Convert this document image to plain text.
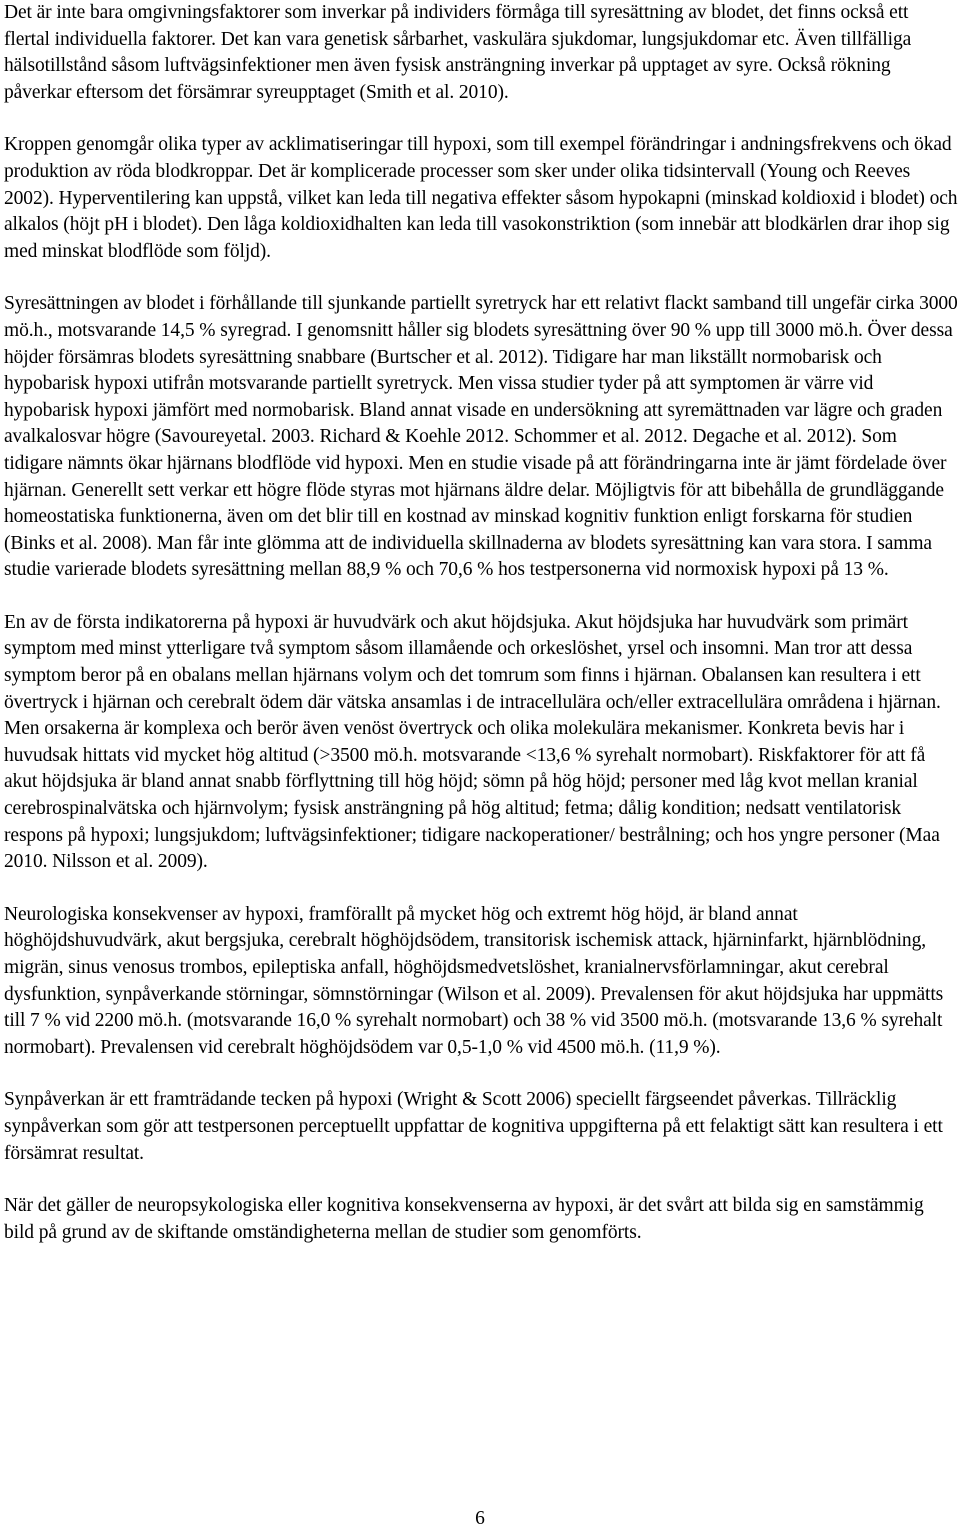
Det är inte bara omgivningsfaktorer som inverkar på individers förmåga till syresättning av blodet, det finns också ett flertal individuella faktorer. Det kan vara genetisk sårbarhet, vaskulära sjukdomar, lungsjukdomar etc. Även tillfälliga hälsotillstånd såsom luftvägsinfektioner men även fysisk ansträngning inverkar på upptaget av syre. Också rökning påverkar eftersom det försämrar syreupptaget (Smith et al. 2010).

Kroppen genomgår olika typer av acklimatiseringar till hypoxi, som till exempel förändringar i andningsfrekvens och ökad produktion av röda blodkroppar. Det är komplicerade processer som sker under olika tidsintervall (Young och Reeves 2002). Hyperventilering kan uppstå, vilket kan leda till negativa effekter såsom hypokapni (minskad koldioxid i blodet) och alkalos (höjt pH i blodet). Den låga koldioxidhalten kan leda till vasokonstriktion (som innebär att blodkärlen drar ihop sig med minskat blodflöde som följd).

Syresättningen av blodet i förhållande till sjunkande partiellt syretryck har ett relativt flackt samband till ungefär cirka 3000 mö.h., motsvarande 14,5 % syregrad. I genomsnitt håller sig blodets syresättning över 90 % upp till 3000 mö.h. Över dessa höjder försämras blodets syresättning snabbare (Burtscher et al. 2012). Tidigare har man likställt normobarisk och hypobarisk hypoxi utifrån motsvarande partiellt syretryck. Men vissa studier tyder på att symptomen är värre vid hypobarisk hypoxi jämfört med normobarisk. Bland annat visade en undersökning att syremättnaden var lägre och graden avalkalosvar högre (Savoureyetal. 2003. Richard & Koehle 2012. Schommer et al. 2012. Degache et al. 2012). Som tidigare nämnts ökar hjärnans blodflöde vid hypoxi. Men en studie visade på att förändringarna inte är jämt fördelade över hjärnan. Generellt sett verkar ett högre flöde styras mot hjärnans äldre delar. Möjligtvis för att bibehålla de grundläggande homeostatiska funktionerna, även om det blir till en kostnad av minskad kognitiv funktion enligt forskarna för studien (Binks et al. 2008). Man får inte glömma att de individuella skillnaderna av blodets syresättning kan vara stora. I samma studie varierade blodets syresättning mellan 88,9 % och 70,6 % hos testpersonerna vid normoxisk hypoxi på 13 %.

En av de första indikatorerna på hypoxi är huvudvärk och akut höjdsjuka. Akut höjdsjuka har huvudvärk som primärt symptom med minst ytterligare två symptom såsom illamående och orkeslöshet, yrsel och insomni. Man tror att dessa symptom beror på en obalans mellan hjärnans volym och det tomrum som finns i hjärnan. Obalansen kan resultera i ett övertryck i hjärnan och cerebralt ödem där vätska ansamlas i de intracellulära och/eller extracellulära områdena i hjärnan. Men orsakerna är komplexa och berör även venöst övertryck och olika molekulära mekanismer. Konkreta bevis har i huvudsak hittats vid mycket hög altitud (>3500 mö.h. motsvarande <13,6 % syrehalt normobart). Riskfaktorer för att få akut höjdsjuka är bland annat snabb förflyttning till hög höjd; sömn på hög höjd; personer med låg kvot mellan kranial cerebrospinalvätska och hjärnvolym; fysisk ansträngning på hög altitud; fetma; dålig kondition; nedsatt ventilatorisk respons på hypoxi; lungsjukdom; luftvägsinfektioner; tidigare nackoperationer/ bestrålning; och hos yngre personer (Maa 2010. Nilsson et al. 2009).

Neurologiska konsekvenser av hypoxi, framförallt på mycket hög och extremt hög höjd, är bland annat höghöjdshuvudvärk, akut bergsjuka, cerebralt höghöjdsödem, transitorisk ischemisk attack, hjärninfarkt, hjärnblödning, migrän, sinus venosus trombos, epileptiska anfall, höghöjdsmedvetslöshet, kranialnervsförlamningar, akut cerebral dysfunktion, synpåverkande störningar, sömnstörningar (Wilson et al. 2009). Prevalensen för akut höjdsjuka har uppmätts till 7 % vid 2200 mö.h. (motsvarande 16,0 % syrehalt normobart) och 38 % vid 3500 mö.h. (motsvarande 13,6 % syrehalt normobart). Prevalensen vid cerebralt höghöjdsödem var 0,5-1,0 % vid 4500 mö.h. (11,9 %).

Synpåverkan är ett framträdande tecken på hypoxi (Wright & Scott 2006) speciellt färgseendet påverkas. Tillräcklig synpåverkan som gör att testpersonen perceptuellt uppfattar de kognitiva uppgifterna på ett felaktigt sätt kan resultera i ett försämrat resultat.

När det gäller de neuropsykologiska eller kognitiva konsekvenserna av hypoxi, är det svårt att bilda sig en samstämmig bild på grund av de skiftande omständigheterna mellan de studier som genomförts.

6
